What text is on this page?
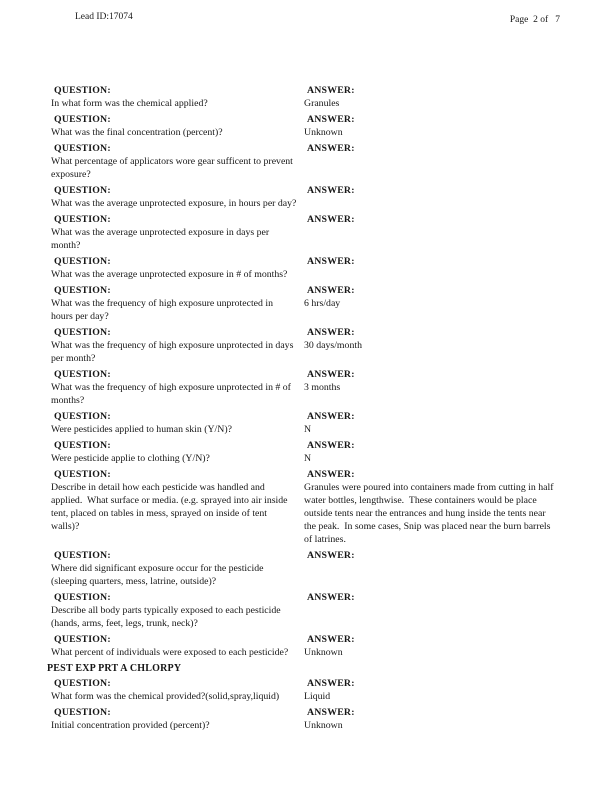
Lead ID:17074	Page  2 of   7
QUESTION:
In what form was the chemical applied?
ANSWER:
Granules
QUESTION:
What was the final concentration (percent)?
ANSWER:
Unknown
QUESTION:
What percentage of applicators wore gear sufficent to prevent exposure?
ANSWER:
QUESTION:
What was the average unprotected exposure, in hours per day?
ANSWER:
QUESTION:
What was the average unprotected exposure in days per month?
ANSWER:
QUESTION:
What was the average unprotected exposure in # of months?
ANSWER:
QUESTION:
What was the frequency of high exposure unprotected in hours per day?
ANSWER:
6 hrs/day
QUESTION:
What was the frequency of high exposure unprotected in days per month?
ANSWER:
30 days/month
QUESTION:
What was the frequency of high exposure unprotected in # of months?
ANSWER:
3 months
QUESTION:
Were pesticides applied to human skin (Y/N)?
ANSWER:
N
QUESTION:
Were pesticide applie to clothing (Y/N)?
ANSWER:
N
QUESTION:
Describe in detail how each pesticide was handled and applied.  What surface or media. (e.g. sprayed into air inside tent, placed on tables in mess, sprayed on inside of tent walls)?
ANSWER:
Granules were poured into containers made from cutting in half water bottles, lengthwise.  These containers would be place outside tents near the entrances and hung inside the tents near the peak.  In some cases, Snip was placed near the burn barrels of latrines.
QUESTION:
Where did significant exposure occur for the pesticide (sleeping quarters, mess, latrine, outside)?
ANSWER:
QUESTION:
Describe all body parts typically exposed to each pesticide (hands, arms, feet, legs, trunk, neck)?
ANSWER:
QUESTION:
What percent of individuals were exposed to each pesticide?
ANSWER:
Unknown
PEST EXP PRT A CHLORPY
QUESTION:
What form was the chemical provided?(solid,spray,liquid)
ANSWER:
Liquid
QUESTION:
Initial concentration provided (percent)?
ANSWER:
Unknown
